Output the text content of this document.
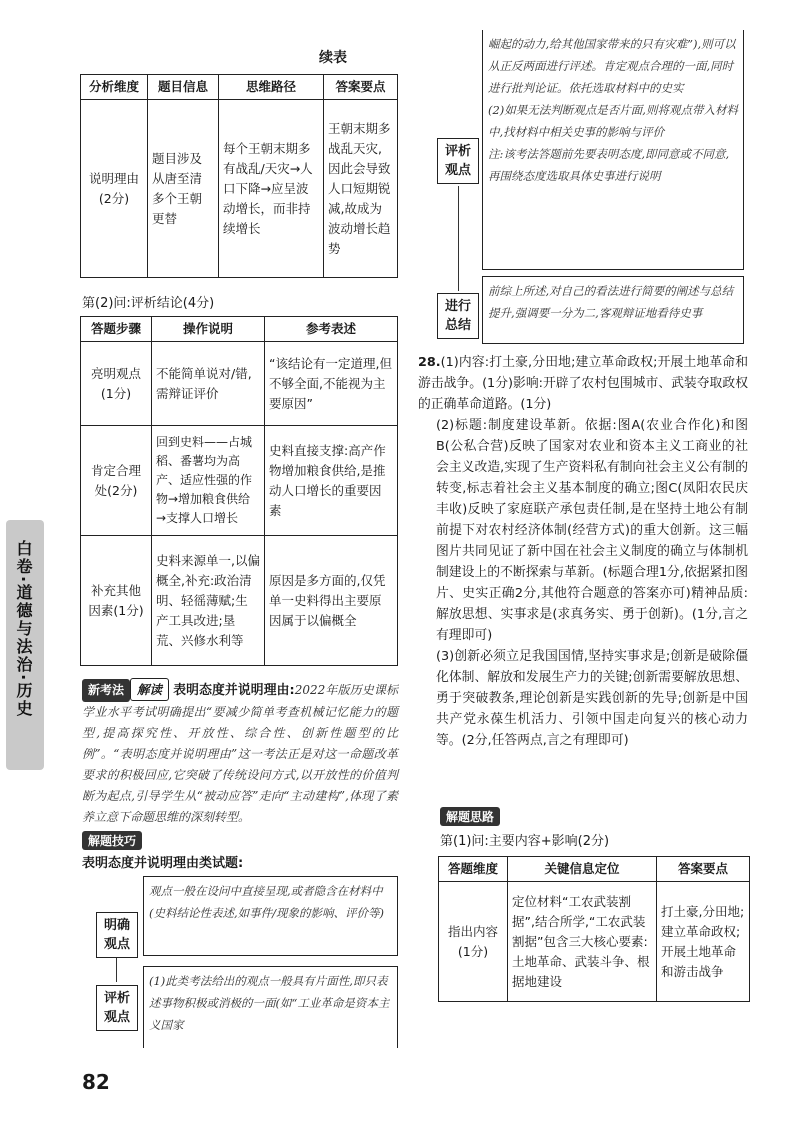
白卷·道德与法治·历史
续表
分析维度	题目信息	思维路径	答案要点
说明理由(2分)	题目涉及从唐至清多个王朝更替	每个王朝末期多有战乱/天灾→人口下降→应呈波动增长，而非持续增长	王朝末期多战乱天灾,因此会导致人口短期锐减,故成为波动增长趋势
第(2)问:评析结论(4分)
答题步骤	操作说明	参考表述
亮明观点(1分)	不能简单说对/错,需辩证评价	“该结论有一定道理,但不够全面,不能视为主要原因”
肯定合理处(2分)	回到史料——占城稻、番薯均为高产、适应性强的作物→增加粮食供给→支撑人口增长	史料直接支撑:高产作物增加粮食供给,是推动人口增长的重要因素
补充其他因素(1分)	史料来源单一,以偏概全,补充:政治清明、轻徭薄赋;生产工具改进;垦荒、兴修水利等	原因是多方面的,仅凭单一史料得出主要原因属于以偏概全
新考法 解读 表明态度并说明理由:2022年版历史课标学业水平考试明确提出“要减少简单考查机械记忆能力的题型,提高探究性、开放性、综合性、创新性题型的比例”。“表明态度并说明理由”这一考法正是对这一命题改革要求的积极回应,它突破了传统设问方式,以开放性的价值判断为起点,引导学生从“被动应答”走向“主动建构”,体现了素养立意下命题思维的深刻转型。
解题技巧
表明态度并说明理由类试题:
明确观点
观点一般在设问中直接呈现,或者隐含在材料中(史料结论性表述,如事件/现象的影响、评价等)
评析观点
(1)此类考法给出的观点一般具有片面性,即只表述事物积极或消极的一面(如“工业革命是资本主义国家
评析观点
崛起的动力,给其他国家带来的只有灾难”),则可以从正反两面进行评述。肯定观点合理的一面,同时进行批判论证。依托选取材料中的史实
(2)如果无法判断观点是否片面,则将观点带入材料中,找材料中相关史事的影响与评价
注:该考法答题前先要表明态度,即同意或不同意,再围绕态度选取具体史事进行说明
进行总结
前综上所述,对自己的看法进行简要的阐述与总结提升,强调要一分为二,客观辩证地看待史事
28.(1)内容:打土豪,分田地;建立革命政权;开展土地革命和游击战争。(1分)影响:开辟了农村包围城市、武装夺取政权的正确革命道路。(1分)
(2)标题:制度建设革新。依据:图A(农业合作化)和图B(公私合营)反映了国家对农业和资本主义工商业的社会主义改造,实现了生产资料私有制向社会主义公有制的转变,标志着社会主义基本制度的确立;图C(凤阳农民庆丰收)反映了家庭联产承包责任制,是在坚持土地公有制前提下对农村经济体制(经营方式)的重大创新。这三幅图片共同见证了新中国在社会主义制度的确立与体制机制建设上的不断探索与革新。(标题合理1分,依据紧扣图片、史实正确2分,其他符合题意的答案亦可)精神品质:解放思想、实事求是(求真务实、勇于创新)。(1分,言之有理即可)
(3)创新必须立足我国国情,坚持实事求是;创新是破除僵化体制、解放和发展生产力的关键;创新需要解放思想、勇于突破教条,理论创新是实践创新的先导;创新是中国共产党永葆生机活力、引领中国走向复兴的核心动力等。(2分,任答两点,言之有理即可)
解题思路
第(1)问:主要内容+影响(2分)
答题维度	关键信息定位	答案要点
指出内容(1分)	定位材料“工农武装割据”,结合所学,“工农武装割据”包含三大核心要素:土地革命、武装斗争、根据地建设	打土豪,分田地;建立革命政权;开展土地革命和游击战争
82
